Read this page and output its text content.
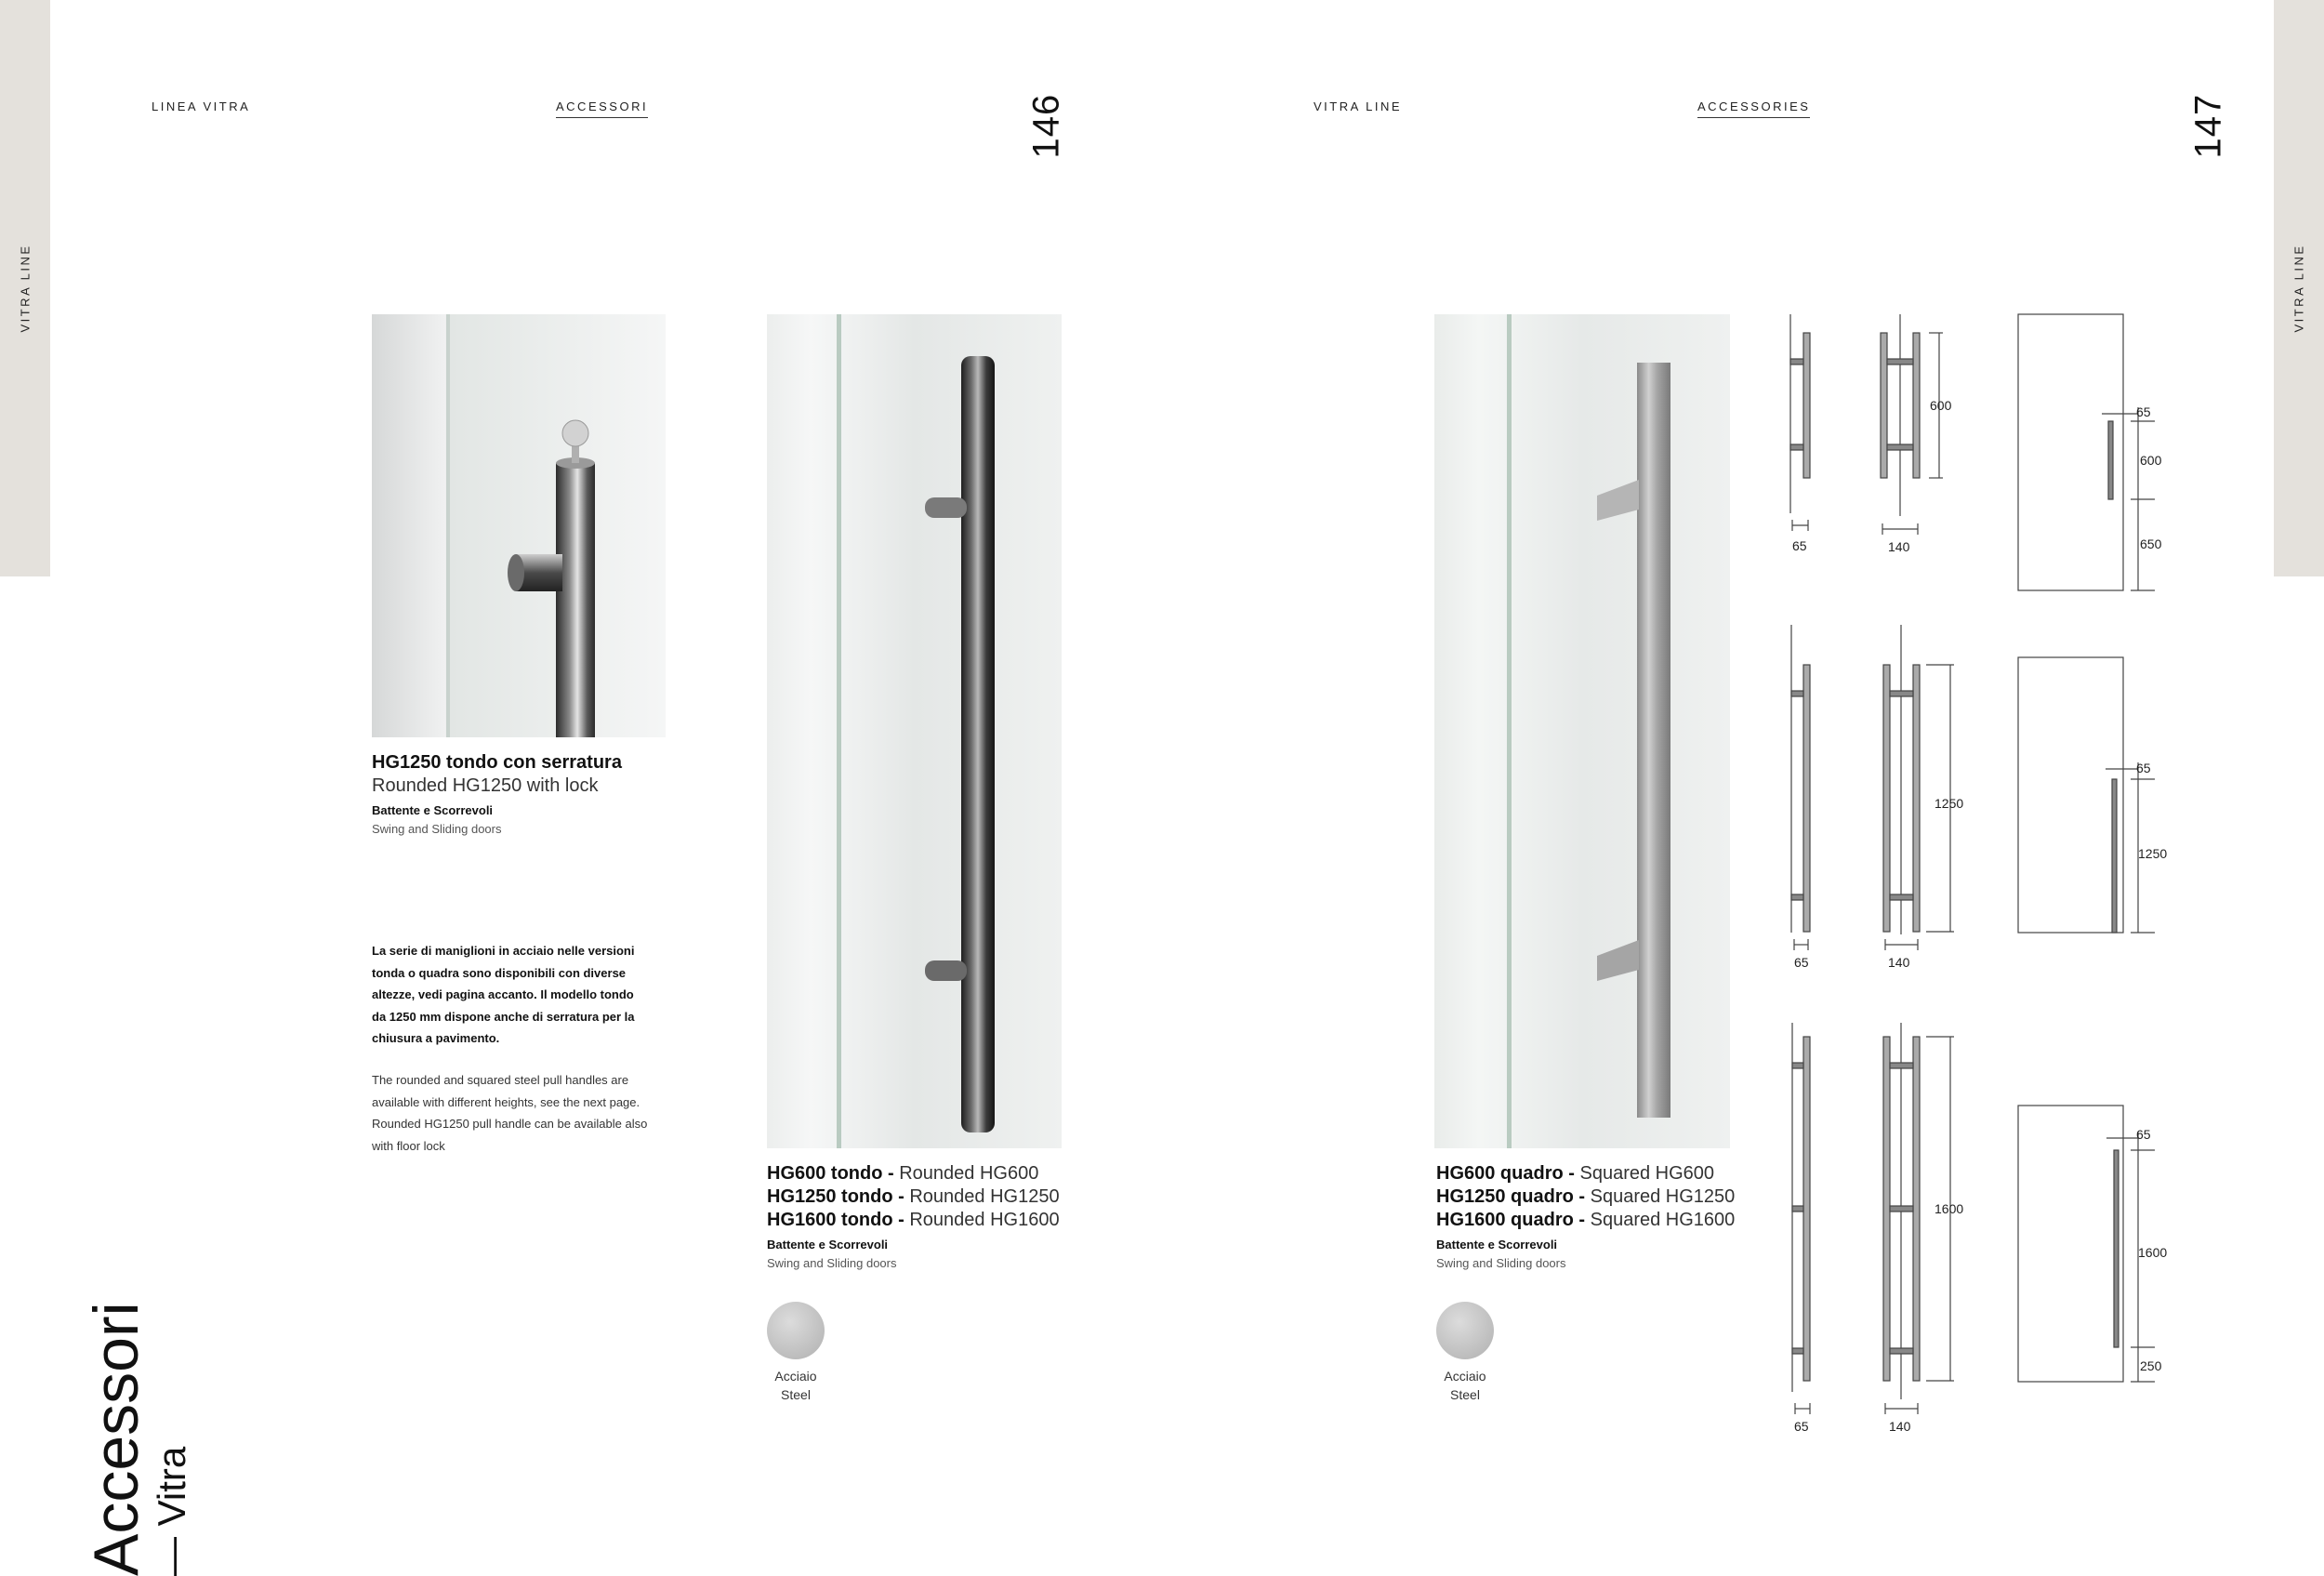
VITRA LINE
LINEA VITRA	ACCESSORI	146
HG1250 tondo con serratura
Rounded HG1250 with lock
Battente e Scorrevoli
Swing and Sliding doors
La serie di maniglioni in acciaio nelle versioni tonda o quadra sono disponibili con diverse altezze, vedi pagina accanto. Il modello tondo da 1250 mm dispone anche di serratura per la chiusura a pavimento.
The rounded and squared steel pull handles are available with different heights, see the next page. Rounded HG1250 pull handle can be available also with floor lock
HG600 tondo - Rounded HG600
HG1250 tondo - Rounded HG1250
HG1600 tondo - Rounded HG1600
Battente e Scorrevoli
Swing and Sliding doors
Acciaio
Steel
Accessori
— Vitra
VITRA LINE
VITRA LINE	ACCESSORIES	147
HG600 quadro - Squared HG600
HG1250 quadro - Squared HG1250
HG1600 quadro - Squared HG1600
Battente e Scorrevoli
Swing and Sliding doors
Acciaio
Steel
65	140
600	65
600
650
65	140
1250
65
1250
65	140
1600
65
1600
250
